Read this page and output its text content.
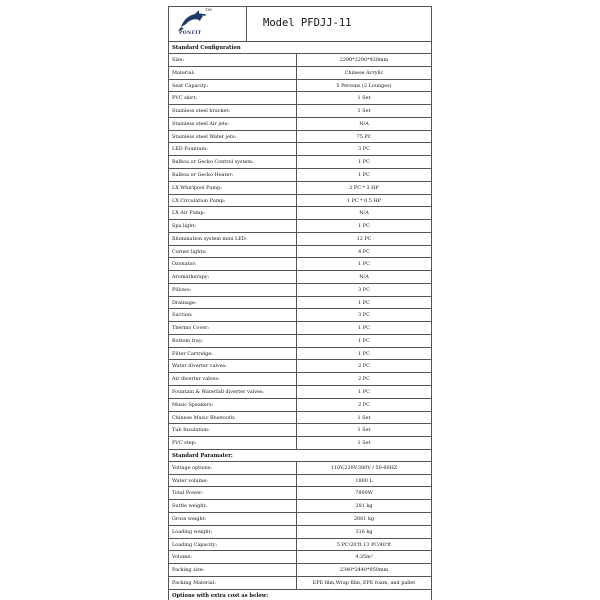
TM
PONFIT
Model PFDJJ-11
Standard Configuration
Size:	2290*2290*920mm
Material:	Chinese Acrylic
Seat Capacity:	5 Persons (2 Lounges)
PVC skirt:	1 Set
Stainless steel bracket:	1 Set
Stainless steel Air jets:	N/A
Stainless steel Water jets:	75 PC
LED Fountain:	3 PC
Balboa or Gecko Control system:	1 PC
Balboa or Gecko Heater:	1 PC
LX Whirlpool Pump:	2 PC * 3 HP
LX Circulation Pump:	1 PC * 0.5 HP
LX Air Pump:	N/A
Spa light:	1 PC
Illumination system mini LED:	12 PC
Corner lights:	4 PC
Ozonator:	1 PC
Aromatherapy:	N/A
Pillows:	3 PC
Drainage:	1 PC
Suction:	3 PC
Thermo Cover:	1 PC
Bottom tray:	1 PC
Filter Cartridge:	1 PC
Water diverter valves:	2 PC
Air diverter valves:	2 PC
Fountain & Waterfall diverter valves:	1 PC
Music Speakers:	2 PC
Chinese Music Bluetooth:	1 Set
Tub Insulation:	1 Set
PVC step:	1 Set
Standard Paramater:
Voltage options:	110V,220V,380V / 50-60HZ
Water volume:	1800 L
Total Power:	7800W
Suttle weight:	281 kg
Gross weight:	2081 kg
Loading weight:	316 kg
Loading Capacity:	5 PC/20'ft 13 PC/40'ft
Volume:	4.35m³
Packing size:	2340*2440*950mm
Packing Material:	EPE film,Wrap film, EPE foam, and pallet
Options with extra cost as below:
